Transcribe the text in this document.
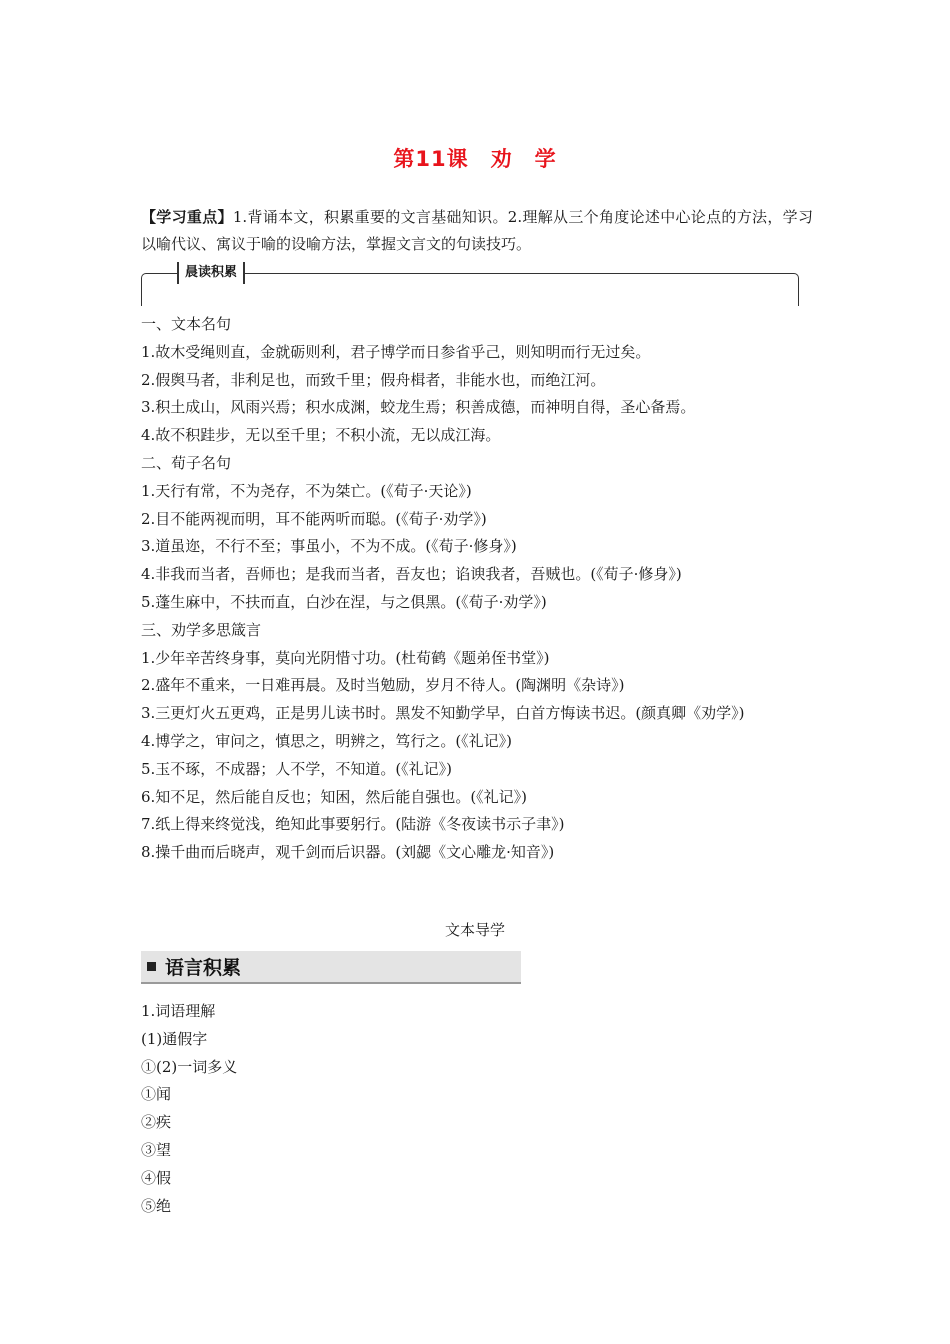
第11课　劝　学
【学习重点】1.背诵本文，积累重要的文言基础知识。2.理解从三个角度论述中心论点的方法，学习以喻代议、寓议于喻的设喻方法，掌握文言文的句读技巧。
晨读积累
一、文本名句
1.故木受绳则直，金就砺则利，君子博学而日参省乎己，则知明而行无过矣。
2.假舆马者，非利足也，而致千里；假舟楫者，非能水也，而绝江河。
3.积土成山，风雨兴焉；积水成渊，蛟龙生焉；积善成德，而神明自得，圣心备焉。
4.故不积跬步，无以至千里；不积小流，无以成江海。
二、荀子名句
1.天行有常，不为尧存，不为桀亡。(《荀子·天论》)
2.目不能两视而明，耳不能两听而聪。(《荀子·劝学》)
3.道虽迩，不行不至；事虽小，不为不成。(《荀子·修身》)
4.非我而当者，吾师也；是我而当者，吾友也；谄谀我者，吾贼也。(《荀子·修身》)
5.蓬生麻中，不扶而直，白沙在涅，与之俱黑。(《荀子·劝学》)
三、劝学多思箴言
1.少年辛苦终身事，莫向光阴惜寸功。(杜荀鹤《题弟侄书堂》)
2.盛年不重来，一日难再晨。及时当勉励，岁月不待人。(陶渊明《杂诗》)
3.三更灯火五更鸡，正是男儿读书时。黑发不知勤学早，白首方悔读书迟。(颜真卿《劝学》)
4.博学之，审问之，慎思之，明辨之，笃行之。(《礼记》)
5.玉不琢，不成器；人不学，不知道。(《礼记》)
6.知不足，然后能自反也；知困，然后能自强也。(《礼记》)
7.纸上得来终觉浅，绝知此事要躬行。(陆游《冬夜读书示子聿》)
8.操千曲而后晓声，观千剑而后识器。(刘勰《文心雕龙·知音》)
文本导学
语言积累
1.词语理解
(1)通假字
①(2)一词多义
①闻
②疾
③望
④假
⑤绝
